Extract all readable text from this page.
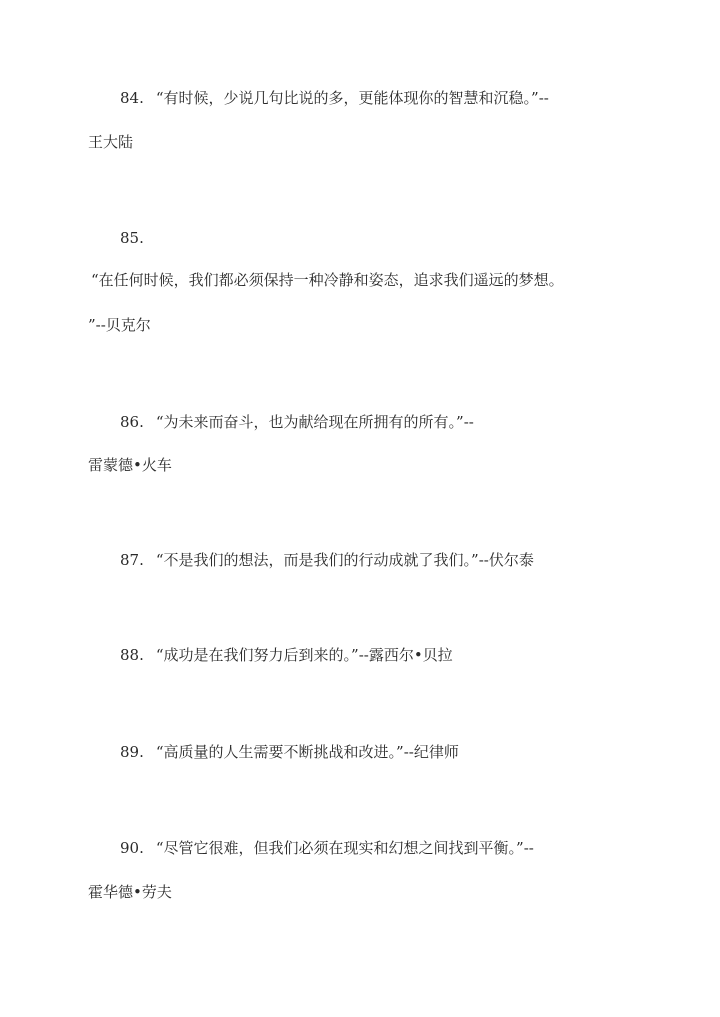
84. “有时候，少说几句比说的多，更能体现你的智慧和沉稳。”--
王大陆
85.
“在任何时候，我们都必须保持一种冷静和姿态，追求我们遥远的梦想。
”--贝克尔
86. “为未来而奋斗，也为献给现在所拥有的所有。”--
雷蒙德•火车
87. “不是我们的想法，而是我们的行动成就了我们。”--伏尔泰
88. “成功是在我们努力后到来的。”--露西尔•贝拉
89. “高质量的人生需要不断挑战和改进。”--纪律师
90. “尽管它很难，但我们必须在现实和幻想之间找到平衡。”--
霍华德•劳夫
